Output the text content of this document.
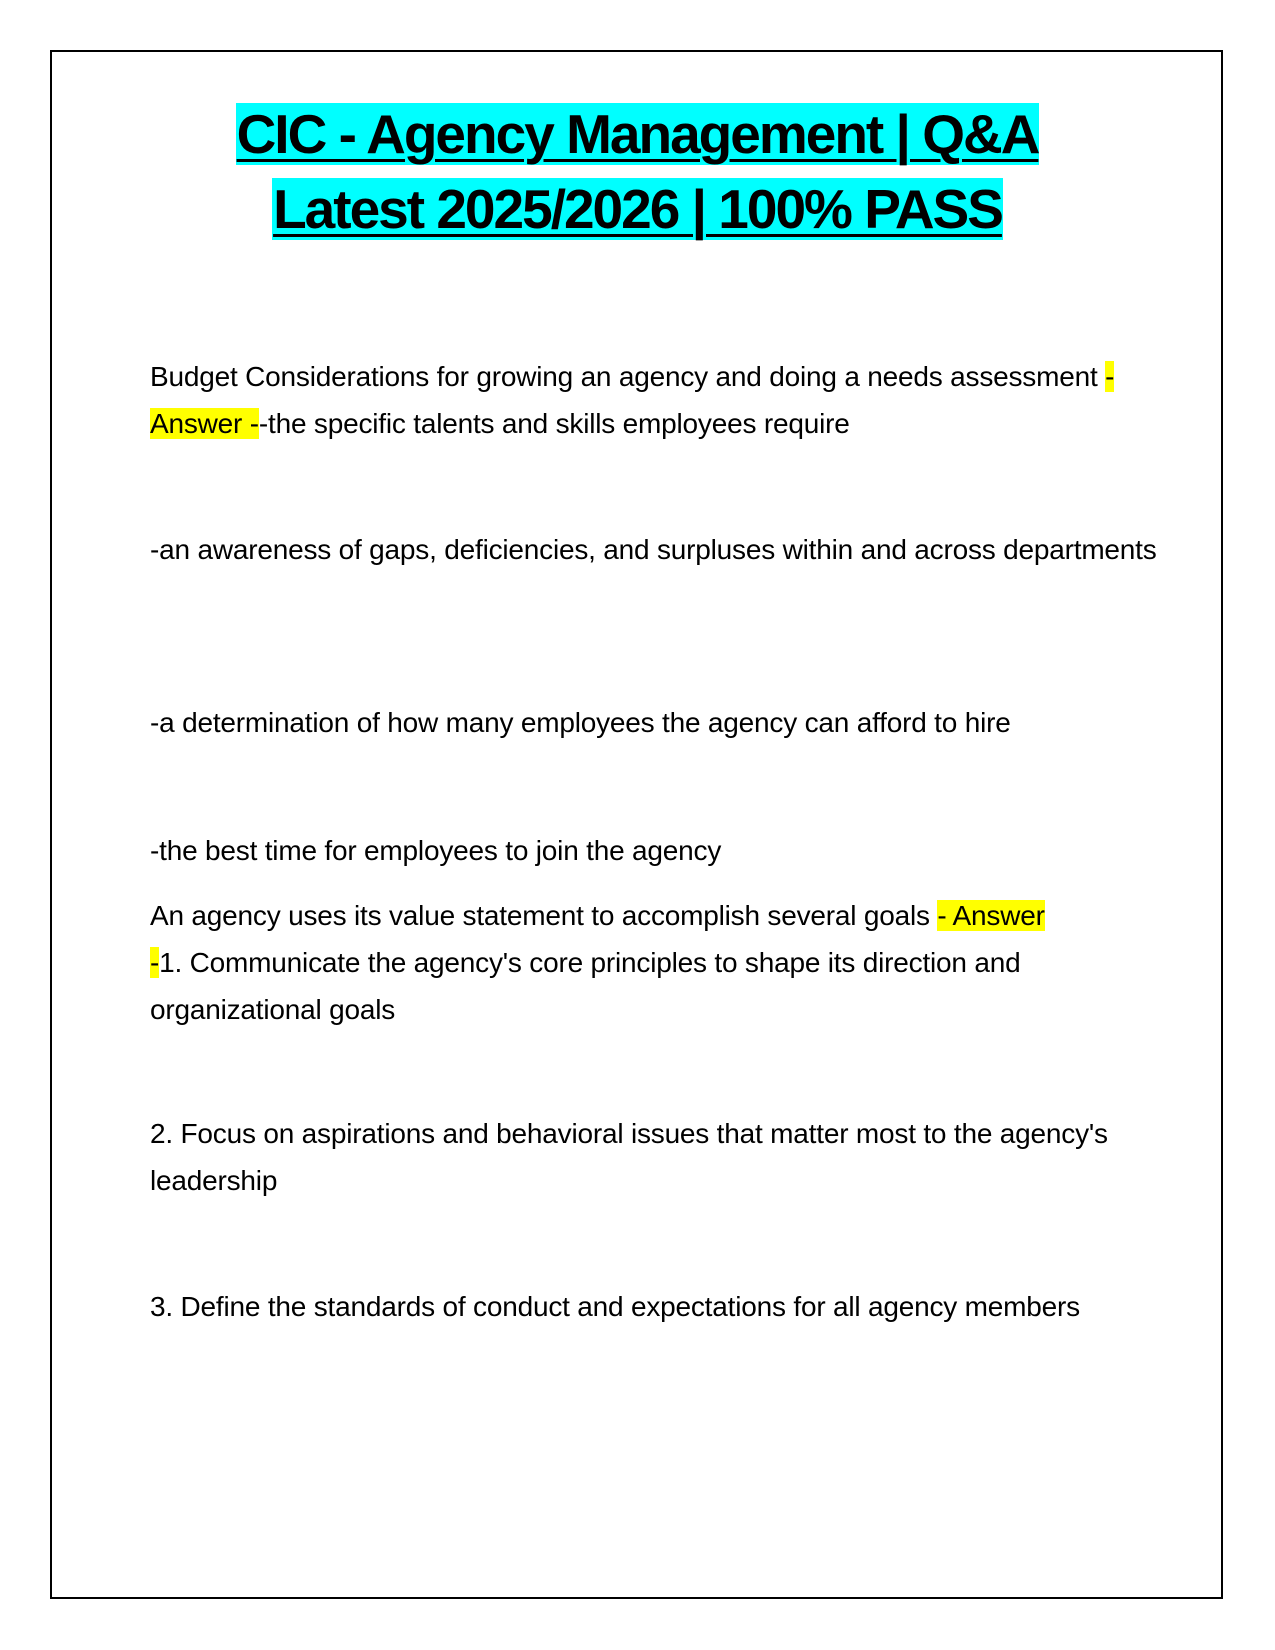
CIC - Agency Management | Q&A
Latest 2025/2026 | 100% PASS

Budget Considerations for growing an agency and doing a needs assessment - Answer --the specific talents and skills employees require

-an awareness of gaps, deficiencies, and surpluses within and across departments

-a determination of how many employees the agency can afford to hire

-the best time for employees to join the agency

An agency uses its value statement to accomplish several goals - Answer
-1. Communicate the agency's core principles to shape its direction and organizational goals

2. Focus on aspirations and behavioral issues that matter most to the agency's leadership

3. Define the standards of conduct and expectations for all agency members
